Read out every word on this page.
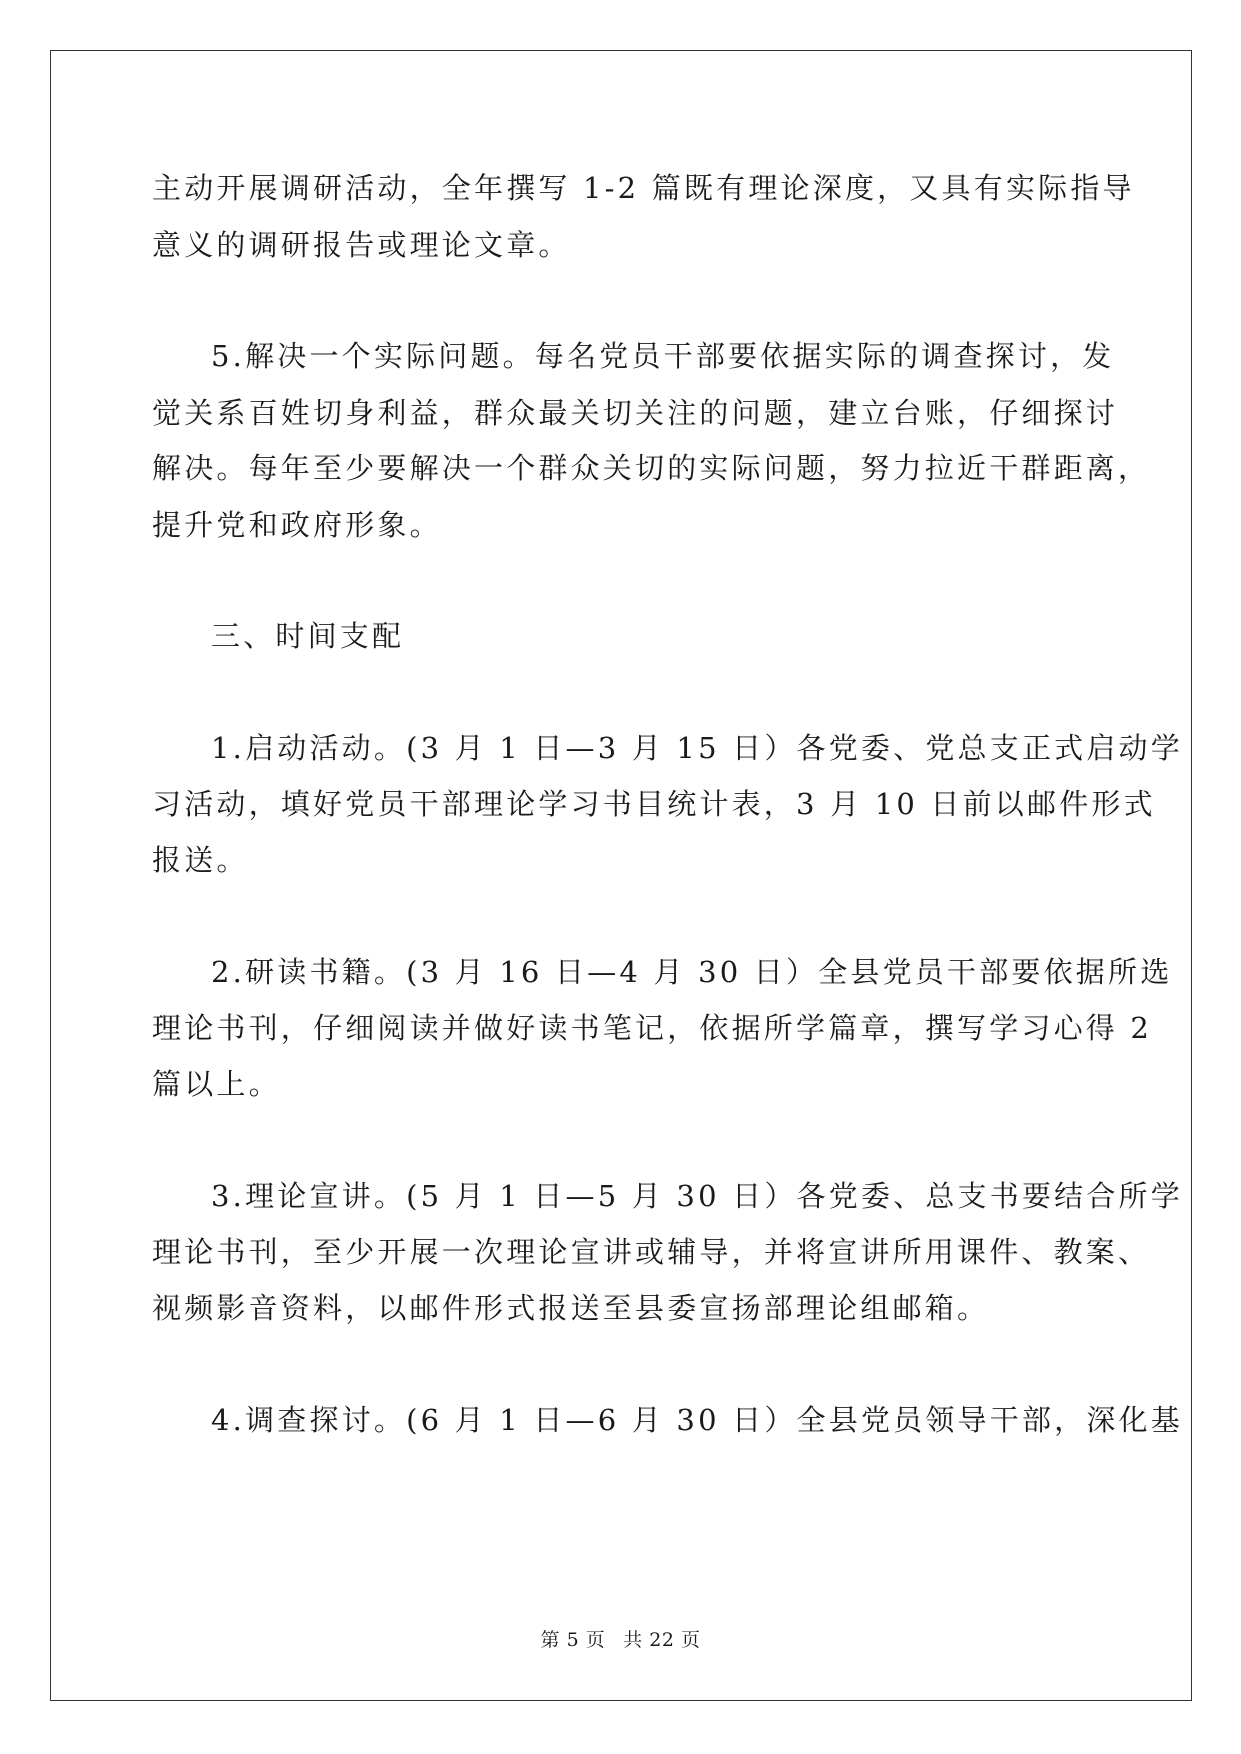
主动开展调研活动，全年撰写 1-2 篇既有理论深度，又具有实际指导
意义的调研报告或理论文章。
5.解决一个实际问题。每名党员干部要依据实际的调查探讨，发
觉关系百姓切身利益，群众最关切关注的问题，建立台账，仔细探讨
解决。每年至少要解决一个群众关切的实际问题，努力拉近干群距离，
提升党和政府形象。
三、时间支配
1.启动活动。(3 月 1 日—3 月 15 日）各党委、党总支正式启动学
习活动，填好党员干部理论学习书目统计表，3 月 10 日前以邮件形式
报送。
2.研读书籍。(3 月 16 日—4 月 30 日）全县党员干部要依据所选
理论书刊，仔细阅读并做好读书笔记，依据所学篇章，撰写学习心得 2
篇以上。
3.理论宣讲。(5 月 1 日—5 月 30 日）各党委、总支书要结合所学
理论书刊，至少开展一次理论宣讲或辅导，并将宣讲所用课件、教案、
视频影音资料，以邮件形式报送至县委宣扬部理论组邮箱。
4.调查探讨。(6 月 1 日—6 月 30 日）全县党员领导干部，深化基
第 5 页 共 22 页
